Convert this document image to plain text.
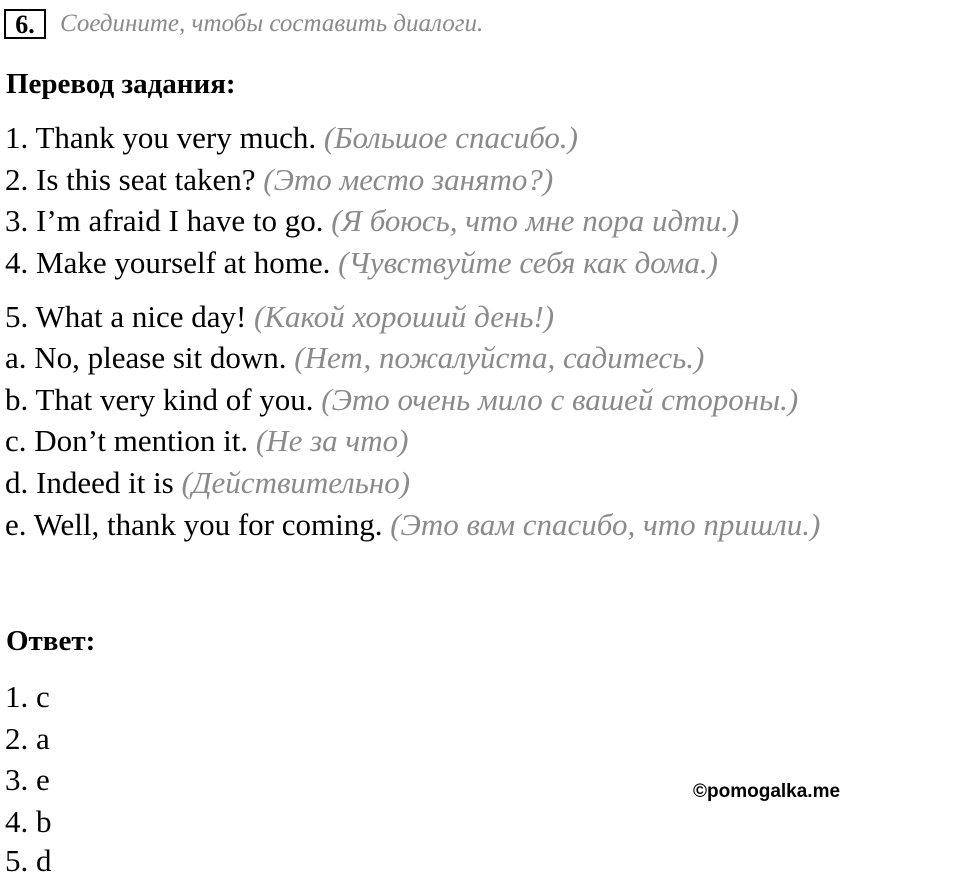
6.	Соедините, чтобы составить диалоги.
Перевод задания:
1. Thank you very much. (Большое спасибо.)
2. Is this seat taken? (Это место занято?)
3. I’m afraid I have to go. (Я боюсь, что мне пора идти.)
4. Make yourself at home. (Чувствуйте себя как дома.)
5. What a nice day! (Какой хороший день!)
a. No, please sit down. (Нет, пожалуйста, садитесь.)
b. That very kind of you. (Это очень мило с вашей стороны.)
c. Don’t mention it. (Не за что)
d. Indeed it is (Действительно)
e. Well, thank you for coming. (Это вам спасибо, что пришли.)
Ответ:
1. c
2. a
3. e
4. b
5. d
©pomogalka.me
